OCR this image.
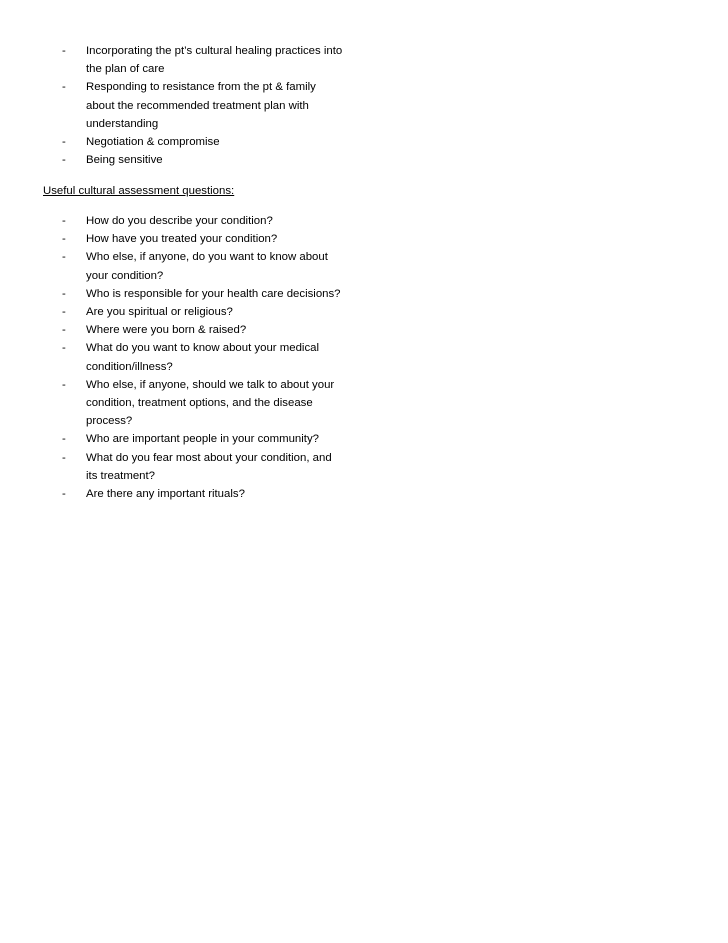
-	Incorporating the pt’s cultural healing practices into the plan of care
-	Responding to resistance from the pt & family about the recommended treatment plan with understanding
-	Negotiation & compromise
-	Being sensitive
Useful cultural assessment questions:
-	How do you describe your condition?
-	How have you treated your condition?
-	Who else, if anyone, do you want to know about your condition?
-	Who is responsible for your health care decisions?
-	Are you spiritual or religious?
-	Where were you born & raised?
-	What do you want to know about your medical condition/illness?
-	Who else, if anyone, should we talk to about your condition, treatment options, and the disease process?
-	Who are important people in your community?
-	What do you fear most about your condition, and its treatment?
-	Are there any important rituals?
